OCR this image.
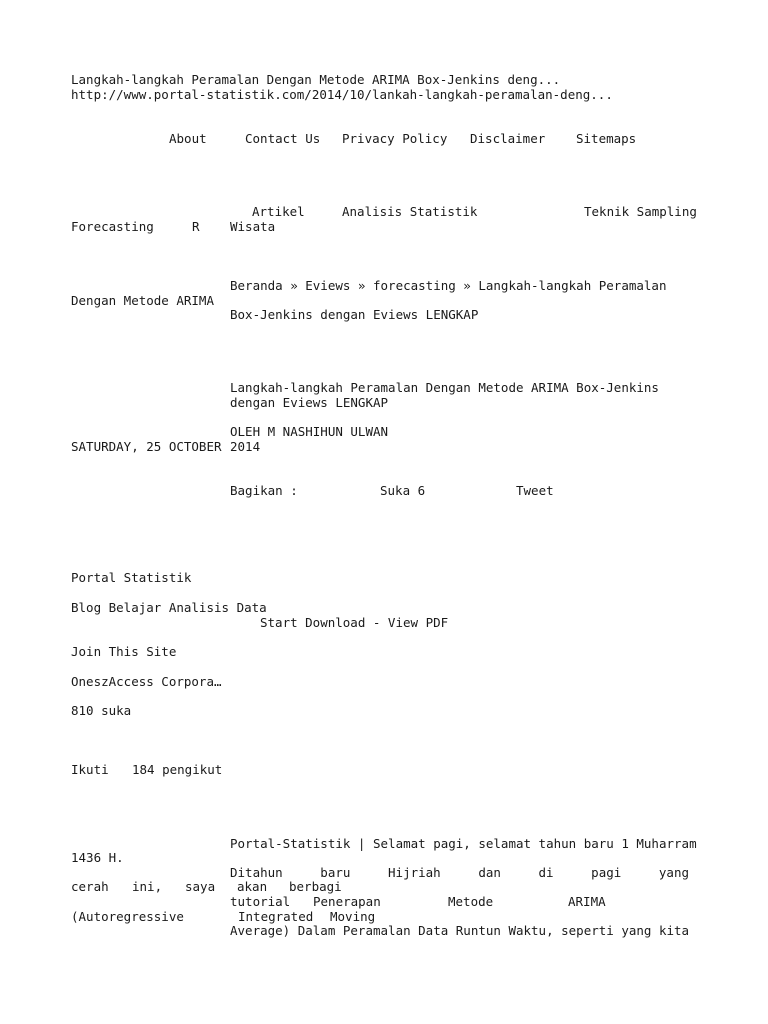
Langkah-langkah Peramalan Dengan Metode ARIMA Box-Jenkins deng...
http://www.portal-statistik.com/2014/10/lankah-langkah-peramalan-deng...
About	Contact Us Privacy Policy Disclaimer Sitemaps
Artikel	Analisis Statistik	Teknik Sampling
Forecasting	R Wisata
Beranda » Eviews » forecasting » Langkah-langkah Peramalan
Dengan Metode ARIMA
Box-Jenkins dengan Eviews LENGKAP
Langkah-langkah Peramalan Dengan Metode ARIMA Box-Jenkins
dengan Eviews LENGKAP
OLEH M NASHIHUN ULWAN
SATURDAY, 25 OCTOBER 2014
Bagikan :	Suka 6	Tweet
Portal Statistik
Blog Belajar Analisis Data
Start Download - View PDF
Join This Site
OneszAccess Corpora…
810 suka
Ikuti 184 pengikut
Portal-Statistik | Selamat pagi, selamat tahun baru 1 Muharram
1436 H.
Ditahun	baru	Hijriah	dan	di	pagi	yang
cerah ini, saya akan berbagi
tutorial Penerapan	Metode	ARIMA
(Autoregressive	Integrated Moving
Average) Dalam Peramalan Data Runtun Waktu, seperti yang kita
